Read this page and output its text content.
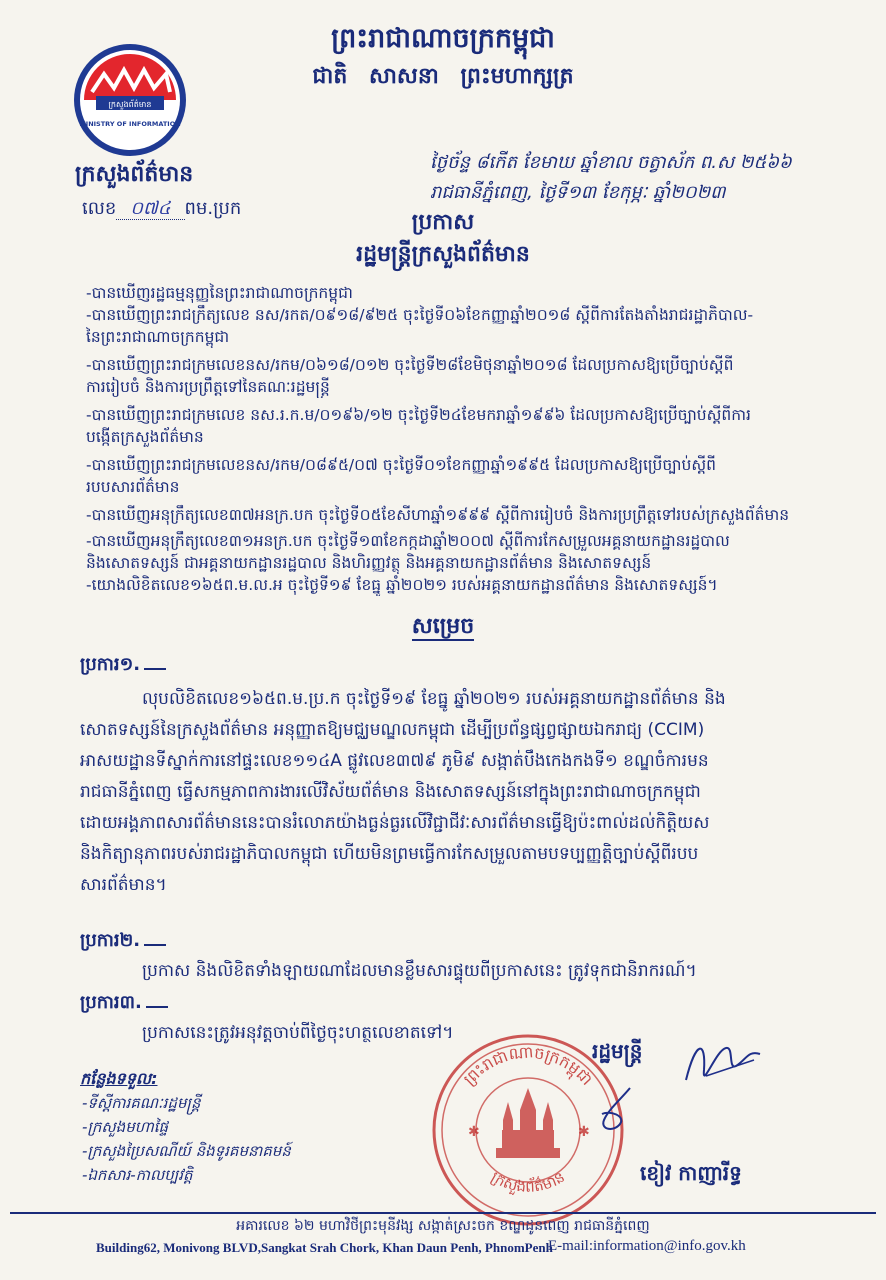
ព្រះរាជាណាចក្រកម្ពុជា
ជាតិ សាសនា ព្រះមហាក្សត្រ
ក្រសួងព័ត៌មាន
MINISTRY OF INFORMATION
ក្រសួងព័ត៌មាន
លេខ ០៧៤ ពម.ប្រក
ថ្ងៃច័ន្ទ ៨កើត ខែមាឃ ឆ្នាំខាល ចត្វាស័ក ព.ស ២៥៦៦
រាជធានីភ្នំពេញ, ថ្ងៃទី១៣ ខែកុម្ភៈ ឆ្នាំ២០២៣
ប្រកាស
រដ្ឋមន្ត្រីក្រសួងព័ត៌មាន
-បានឃើញរដ្ឋធម្មនុញ្ញនៃព្រះរាជាណាចក្រកម្ពុជា
-បានឃើញព្រះរាជក្រឹត្យលេខ នស/រកត/០៩១៨/៩២៥ ចុះថ្ងៃទី០៦ខែកញ្ញាឆ្នាំ២០១៨ ស្តីពីការតែងតាំងរាជរដ្ឋាភិបាល-
នៃព្រះរាជាណាចក្រកម្ពុជា
-បានឃើញព្រះរាជក្រមលេខនស/រកម/០៦១៨/០១២ ចុះថ្ងៃទី២៨ខែមិថុនាឆ្នាំ២០១៨ ដែលប្រកាសឱ្យប្រើច្បាប់ស្តីពី
ការរៀបចំ និងការប្រព្រឹត្តទៅនៃគណៈរដ្ឋមន្ត្រី
-បានឃើញព្រះរាជក្រមលេខ នស.រ.ក.ម/០១៩៦/១២ ចុះថ្ងៃទី២៤ខែមករាឆ្នាំ១៩៩៦ ដែលប្រកាសឱ្យប្រើច្បាប់ស្តីពីការ
បង្កើតក្រសួងព័ត៌មាន
-បានឃើញព្រះរាជក្រមលេខនស/រកម/០៨៩៥/០៧ ចុះថ្ងៃទី០១ខែកញ្ញាឆ្នាំ១៩៩៥ ដែលប្រកាសឱ្យប្រើច្បាប់ស្តីពី
របបសារព័ត៌មាន
-បានឃើញអនុក្រឹត្យលេខ៣៧អនក្រ.បក ចុះថ្ងៃទី០៥ខែសីហាឆ្នាំ១៩៩៩ ស្តីពីការរៀបចំ និងការប្រព្រឹត្តទៅរបស់ក្រសួងព័ត៌មាន
-បានឃើញអនុក្រឹត្យលេខ៣១អនក្រ.បក ចុះថ្ងៃទី១៣ខែកក្កដាឆ្នាំ២០០៧ ស្តីពីការកែសម្រួលអគ្គនាយកដ្ឋានរដ្ឋបាល
និងសោតទស្សន៍ ជាអគ្គនាយកដ្ឋានរដ្ឋបាល និងហិរញ្ញវត្ថុ និងអគ្គនាយកដ្ឋានព័ត៌មាន និងសោតទស្សន៍
-យោងលិខិតលេខ១៦៥ព.ម.ល.អ ចុះថ្ងៃទី១៩ ខែធ្នូ ឆ្នាំ២០២១ របស់អគ្គនាយកដ្ឋានព័ត៌មាន និងសោតទស្សន៍។
សម្រេច
ប្រការ១.
លុបលិខិតលេខ១៦៥ព.ម.ប្រ.ក ចុះថ្ងៃទី១៩ ខែធ្នូ ឆ្នាំ២០២១ របស់អគ្គនាយកដ្ឋានព័ត៌មាន និង
សោតទស្សន៍នៃក្រសួងព័ត៌មាន អនុញ្ញាតឱ្យមជ្ឈមណ្ឌលកម្ពុជា ដើម្បីប្រព័ន្ធផ្សព្វផ្សាយឯករាជ្យ (CCIM)
អាសយដ្ឋានទីស្នាក់ការនៅផ្ទះលេខ១១៤A ផ្លូវលេខ៣៧៩ ភូមិ៩ សង្កាត់បឹងកេងកងទី១ ខណ្ឌចំការមន
រាជធានីភ្នំពេញ ធ្វើសកម្មភាពការងារលើវិស័យព័ត៌មាន និងសោតទស្សន៍នៅក្នុងព្រះរាជាណាចក្រកម្ពុជា
ដោយអង្គភាពសារព័ត៌មាននេះបានរំលោភយ៉ាងធ្ងន់ធ្ងរលើវិជ្ជាជីវៈសារព័ត៌មានធ្វើឱ្យប៉ះពាល់ដល់កិត្តិយស
និងកិត្យានុភាពរបស់រាជរដ្ឋាភិបាលកម្ពុជា ហើយមិនព្រមធ្វើការកែសម្រួលតាមបទប្បញ្ញត្តិច្បាប់ស្តីពីរបប
សារព័ត៌មាន។
ប្រការ២.
ប្រកាស និងលិខិតទាំងឡាយណាដែលមានខ្លឹមសារផ្ទុយពីប្រកាសនេះ ត្រូវទុកជានិរាករណ៍។
ប្រការ៣.
ប្រកាសនេះត្រូវអនុវត្តចាប់ពីថ្ងៃចុះហត្ថលេខាតទៅ។
កន្លែងទទួល:
-ទីស្តីការគណៈរដ្ឋមន្ត្រី
-ក្រសួងមហាផ្ទៃ
-ក្រសួងប្រៃសណីយ៍ និងទូរគមនាគមន៍
-ឯកសារ-កាលប្បវត្តិ
ព្រះរាជាណាចក្រកម្ពុជា
ក្រសួងព័ត៌មាន
✱	✱
រដ្ឋមន្ត្រី
ខៀវ កាញារីទ្ធ
អគារលេខ ៦២ មហាវិថីព្រះមុនីវង្ស សង្កាត់ស្រះចក ខណ្ឌដូនពេញ រាជធានីភ្នំពេញ
Building62, Monivong BLVD,Sangkat Srah Chork, Khan Daun Penh, PhnomPenh
E-mail:information@info.gov.kh
